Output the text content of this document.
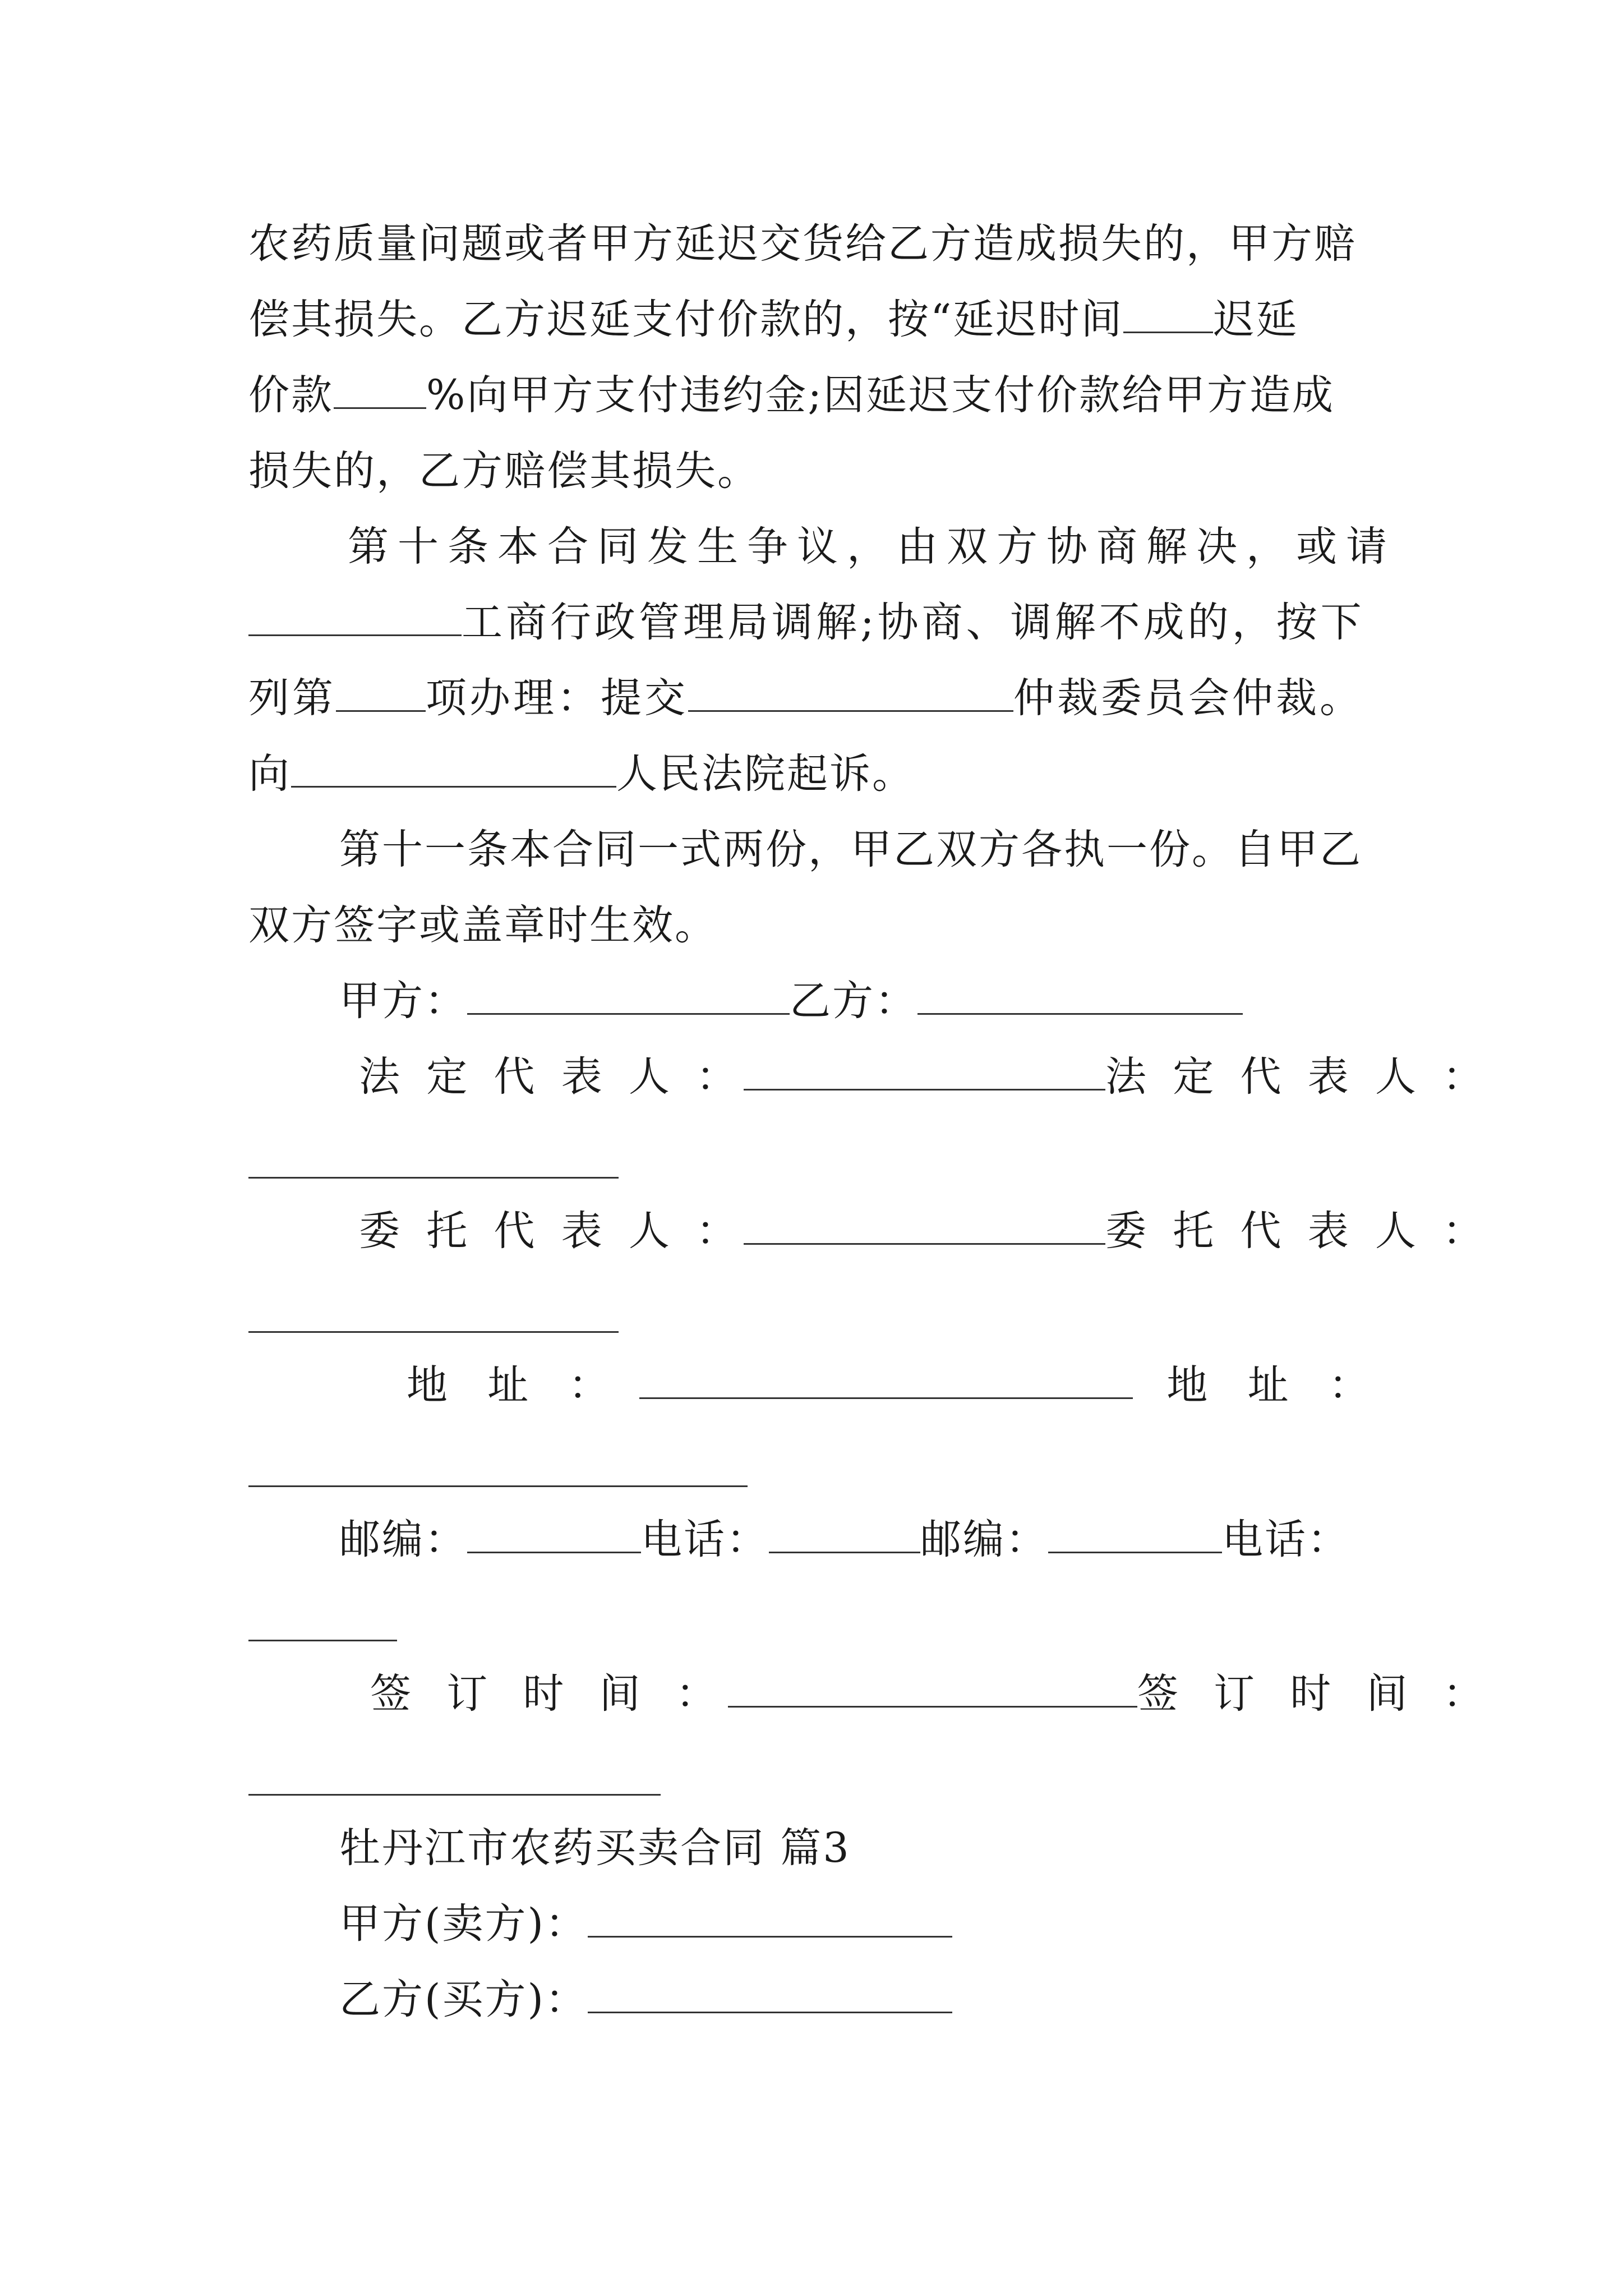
农药质量问题或者甲方延迟交货给乙方造成损失的，甲方赔
偿其损失。乙方迟延支付价款的，按“延迟时间 迟延
价款 %向甲方支付违约金;因延迟支付价款给甲方造成
损失的，乙方赔偿其损失。
第十条本合同发生争议，由双方协商解决，或请
工商行政管理局调解;协商、调解不成的，按下
列第 项办理：提交	仲裁委员会仲裁。
向	人民法院起诉。
第十一条本合同一式两份，甲乙双方各执一份。自甲乙
双方签字或盖章时生效。
甲方：	乙方：
法 定 代 表 人 ：	法 定 代 表 人 ：
委 托 代 表 人 ：	委 托 代 表 人 ：
地 址 ：	地 址 ：
邮编：	电话：	邮编：	电话：
签 订 时 间 ：	签 订 时 间 ：
牡丹江市农药买卖合同 篇3
甲方(卖方)：
乙方(买方)：
